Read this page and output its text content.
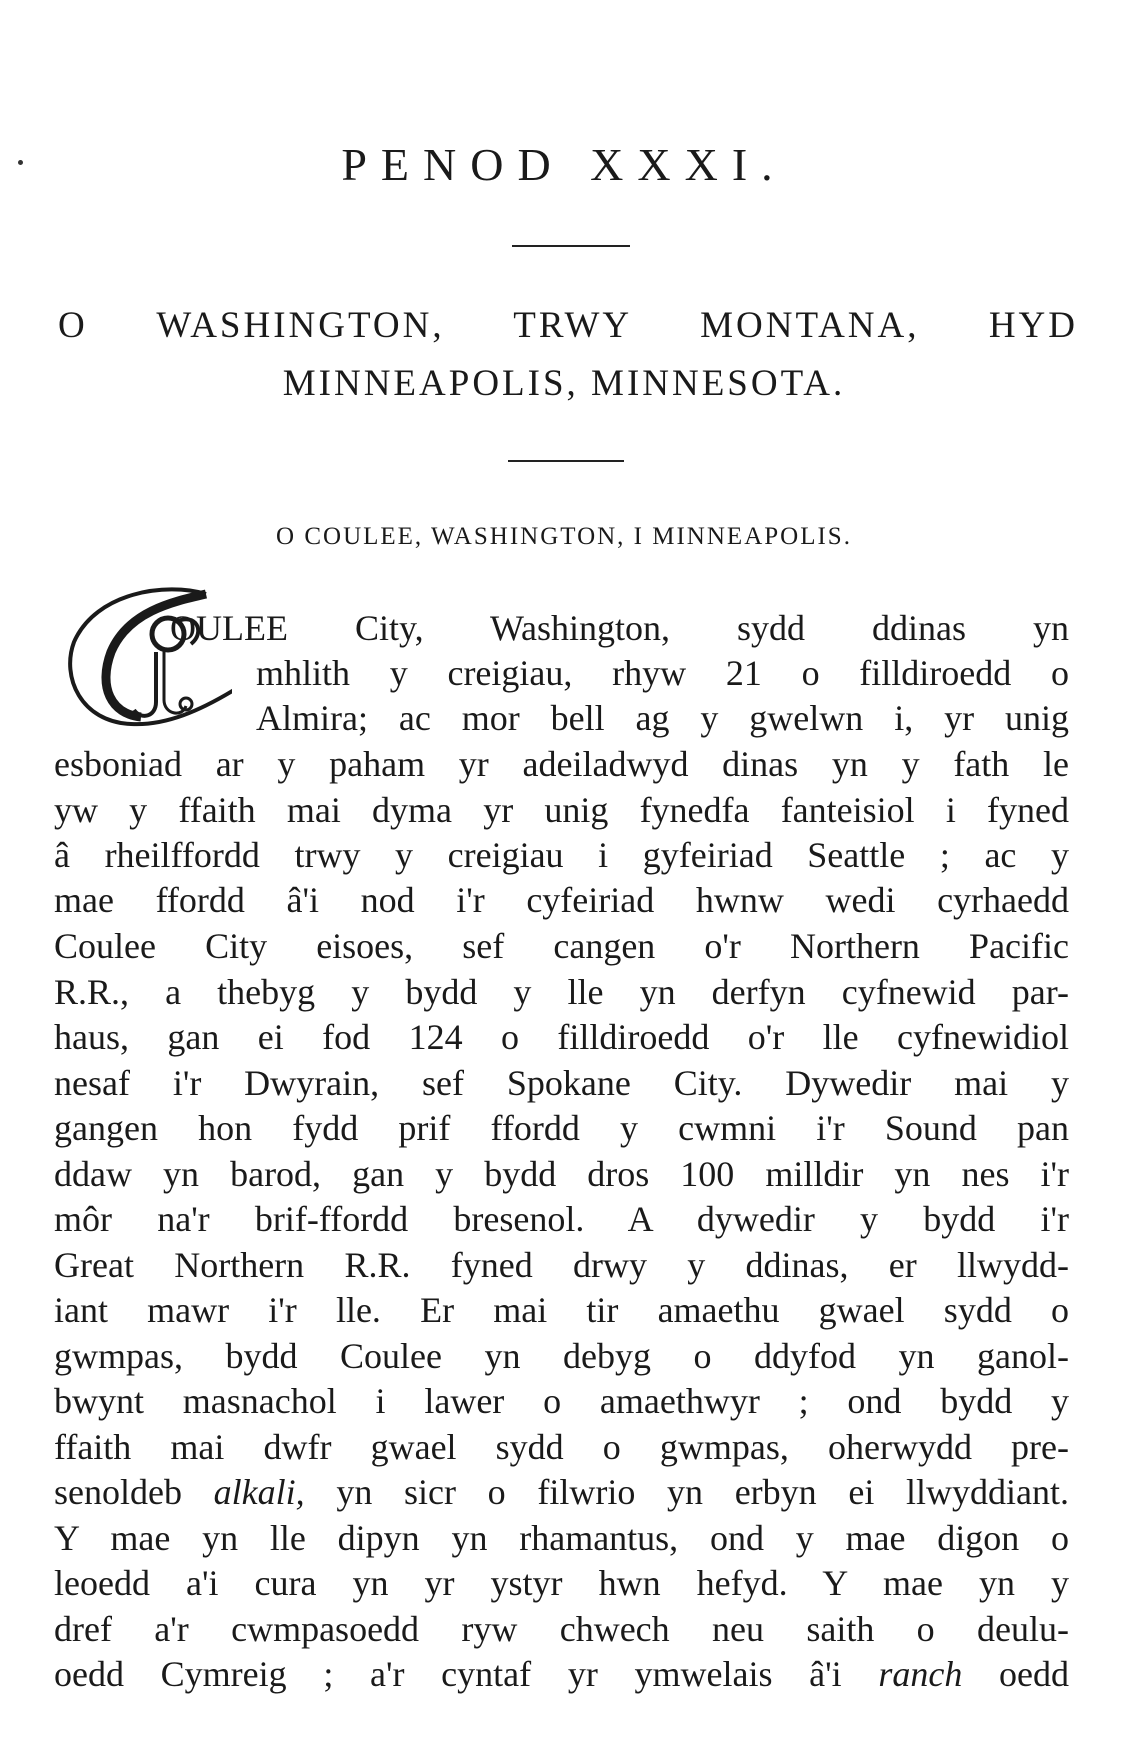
PENOD XXXI.
O WASHINGTON, TRWY MONTANA, HYD
MINNEAPOLIS, MINNESOTA.
O COULEE, WASHINGTON, I MINNEAPOLIS.
C
OULEE City, Washington, sydd ddinas yn
mhlith y creigiau, rhyw 21 o filldiroedd o
Almira; ac mor bell ag y gwelwn i, yr unig
esboniad ar y paham yr adeiladwyd dinas yn y fath le
yw y ffaith mai dyma yr unig fynedfa fanteisiol i fyned
â rheilffordd trwy y creigiau i gyfeiriad Seattle ; ac y
mae ffordd â'i nod i'r cyfeiriad hwnw wedi cyrhaedd
Coulee City eisoes, sef cangen o'r Northern Pacific
R.R., a thebyg y bydd y lle yn derfyn cyfnewid par-
haus, gan ei fod 124 o filldiroedd o'r lle cyfnewidiol
nesaf i'r Dwyrain, sef Spokane City. Dywedir mai y
gangen hon fydd prif ffordd y cwmni i'r Sound pan
ddaw yn barod, gan y bydd dros 100 milldir yn nes i'r
môr na'r brif-ffordd bresenol. A dywedir y bydd i'r
Great Northern R.R. fyned drwy y ddinas, er llwydd-
iant mawr i'r lle. Er mai tir amaethu gwael sydd o
gwmpas, bydd Coulee yn debyg o ddyfod yn ganol-
bwynt masnachol i lawer o amaethwyr ; ond bydd y
ffaith mai dwfr gwael sydd o gwmpas, oherwydd pre-
senoldeb alkali, yn sicr o filwrio yn erbyn ei llwyddiant.
Y mae yn lle dipyn yn rhamantus, ond y mae digon o
leoedd a'i cura yn yr ystyr hwn hefyd. Y mae yn y
dref a'r cwmpasoedd ryw chwech neu saith o deulu-
oedd Cymreig ; a'r cyntaf yr ymwelais â'i ranch oedd
